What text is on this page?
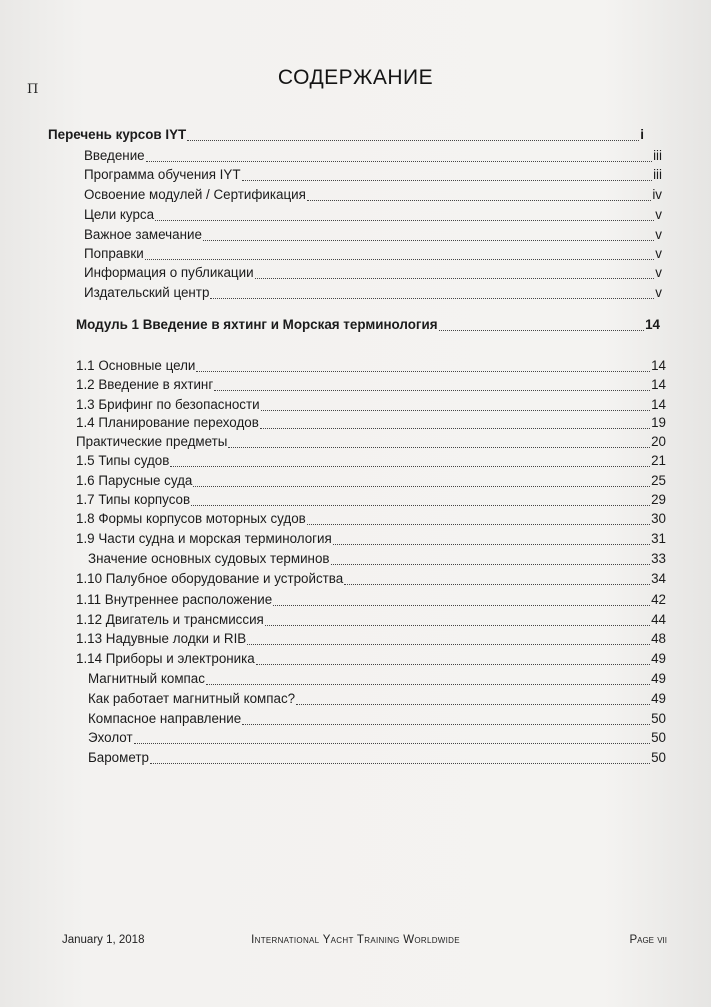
П
СОДЕРЖАНИЕ
Перечень курсов IYT	i
Введение	iii
Программа обучения IYT	iii
Освоение модулей / Сертификация	iv
Цели курса	v
Важное замечание	v
Поправки	v
Информация о публикации	v
Издательский центр	v
Модуль 1 Введение в яхтинг и Морская терминология	14
1.1 Основные цели	14
1.2 Введение в яхтинг	14
1.3 Брифинг по безопасности	14
1.4 Планирование переходов	19
Практические предметы	20
1.5 Типы судов	21
1.6 Парусные суда	25
1.7 Типы корпусов	29
1.8 Формы корпусов моторных судов	30
1.9 Части судна и морская терминология	31
Значение основных судовых терминов	33
1.10 Палубное оборудование и устройства	34
1.11 Внутреннее расположение	42
1.12 Двигатель и трансмиссия	44
1.13 Надувные лодки и RIB	48
1.14 Приборы и электроника	49
Магнитный компас	49
Как работает магнитный компас?	49
Компасное направление	50
Эхолот	50
Барометр	50
January 1, 2018	International Yacht Training Worldwide	Page vii
